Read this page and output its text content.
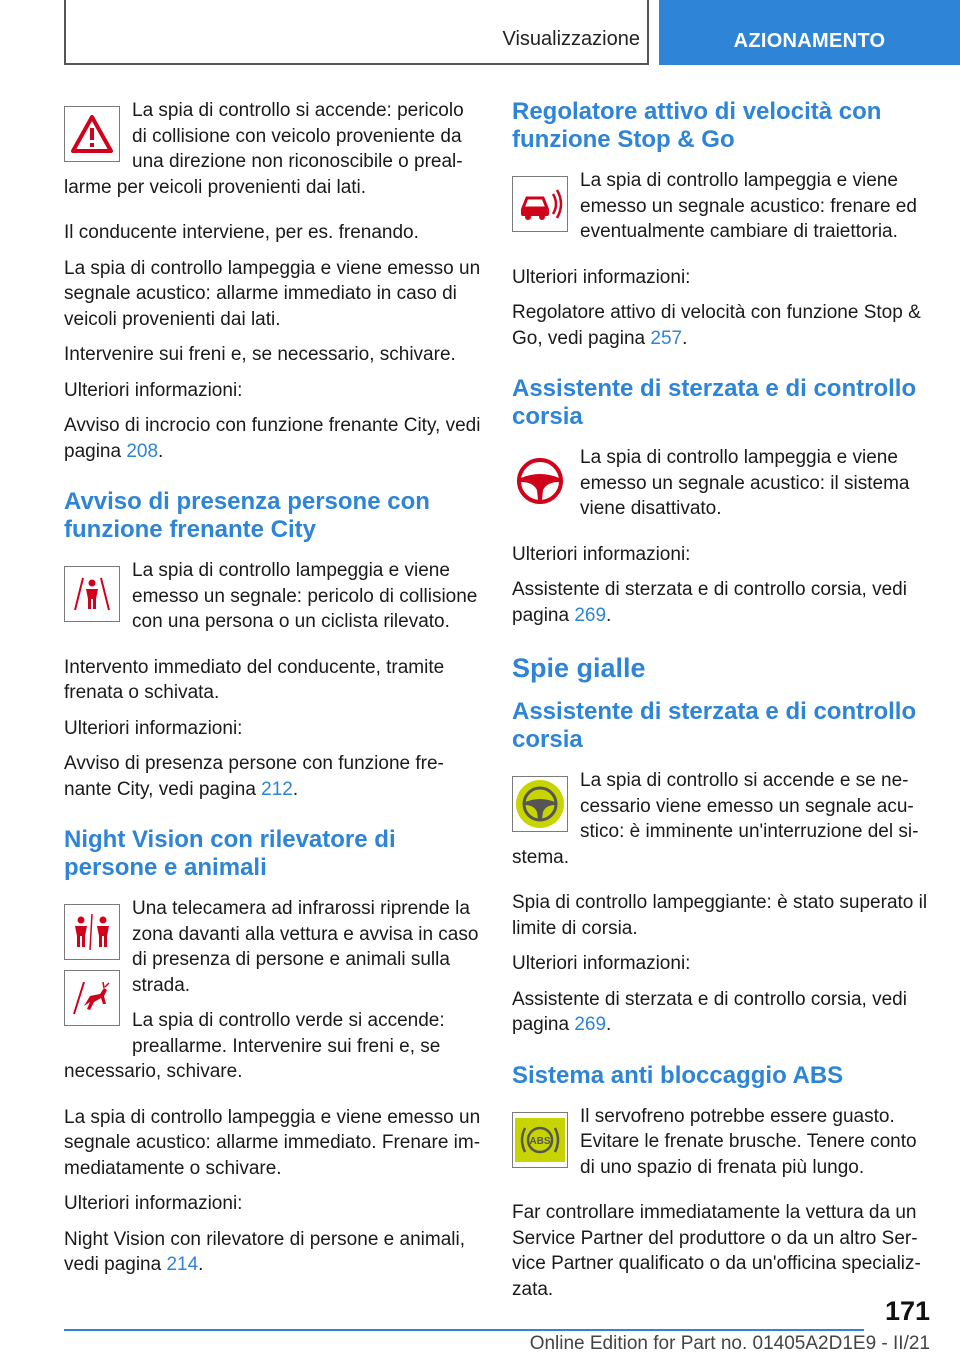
Visualizzazione	AZIONAMENTO

La spia di controllo si accende: pericolo di collisione con veicolo proveniente da una direzione non riconoscibile o preal-larme per veicoli provenienti dai lati.

Il conducente interviene, per es. frenando.

La spia di controllo lampeggia e viene emesso un segnale acustico: allarme immediato in caso di veicoli provenienti dai lati.

Intervenire sui freni e, se necessario, schivare.

Ulteriori informazioni:

Avviso di incrocio con funzione frenante City, vedi pagina 208.

Avviso di presenza persone con funzione frenante City

La spia di controllo lampeggia e viene emesso un segnale: pericolo di collisione con una persona o un ciclista rilevato.

Intervento immediato del conducente, tramite frenata o schivata.

Ulteriori informazioni:

Avviso di presenza persone con funzione fre-nante City, vedi pagina 212.

Night Vision con rilevatore di persone e animali

Una telecamera ad infrarossi riprende la zona davanti alla vettura e avvisa in caso di presenza di persone e animali sulla strada.

La spia di controllo verde si accende: preallarme. Intervenire sui freni e, se necessario, schivare.

La spia di controllo lampeggia e viene emesso un segnale acustico: allarme immediato. Frenare im-mediatamente o schivare.

Ulteriori informazioni:

Night Vision con rilevatore di persone e animali, vedi pagina 214.

Regolatore attivo di velocità con funzione Stop & Go

La spia di controllo lampeggia e viene emesso un segnale acustico: frenare ed eventualmente cambiare di traiettoria.

Ulteriori informazioni:

Regolatore attivo di velocità con funzione Stop & Go, vedi pagina 257.

Assistente di sterzata e di controllo corsia

La spia di controllo lampeggia e viene emesso un segnale acustico: il sistema viene disattivato.

Ulteriori informazioni:

Assistente di sterzata e di controllo corsia, vedi pagina 269.

Spie gialle
Assistente di sterzata e di controllo corsia

La spia di controllo si accende e se ne-cessario viene emesso un segnale acu-stico: è imminente un'interruzione del si-stema.

Spia di controllo lampeggiante: è stato superato il limite di corsia.

Ulteriori informazioni:

Assistente di sterzata e di controllo corsia, vedi pagina 269.

Sistema anti bloccaggio ABS
ABS

Il servofreno potrebbe essere guasto. Evitare le frenate brusche. Tenere conto di uno spazio di frenata più lungo.

Far controllare immediatamente la vettura da un Service Partner del produttore o da un altro Ser-vice Partner qualificato o da un'officina specializ-zata.

171
Online Edition for Part no. 01405A2D1E9 - II/21
